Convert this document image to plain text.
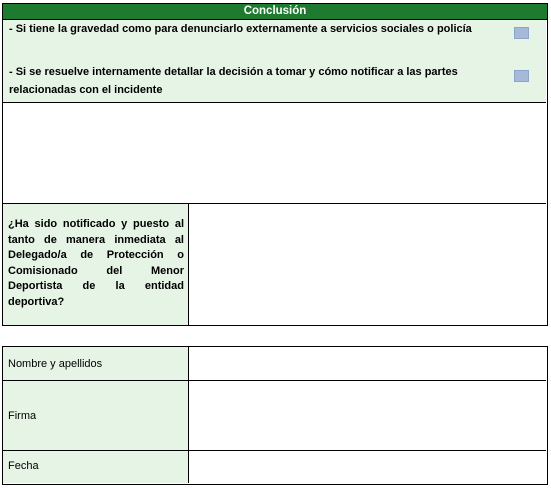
Conclusión
- Si tiene la gravedad como para denunciarlo externamente a servicios sociales o policía
- Si se resuelve internamente detallar la decisión a tomar y cómo notificar a las partes relacionadas con el incidente
¿Ha sido notificado y puesto al tanto de manera inmediata al Delegado/a de Protección o Comisionado del Menor Deportista de la entidad deportiva?
Nombre y apellidos
Firma
Fecha
